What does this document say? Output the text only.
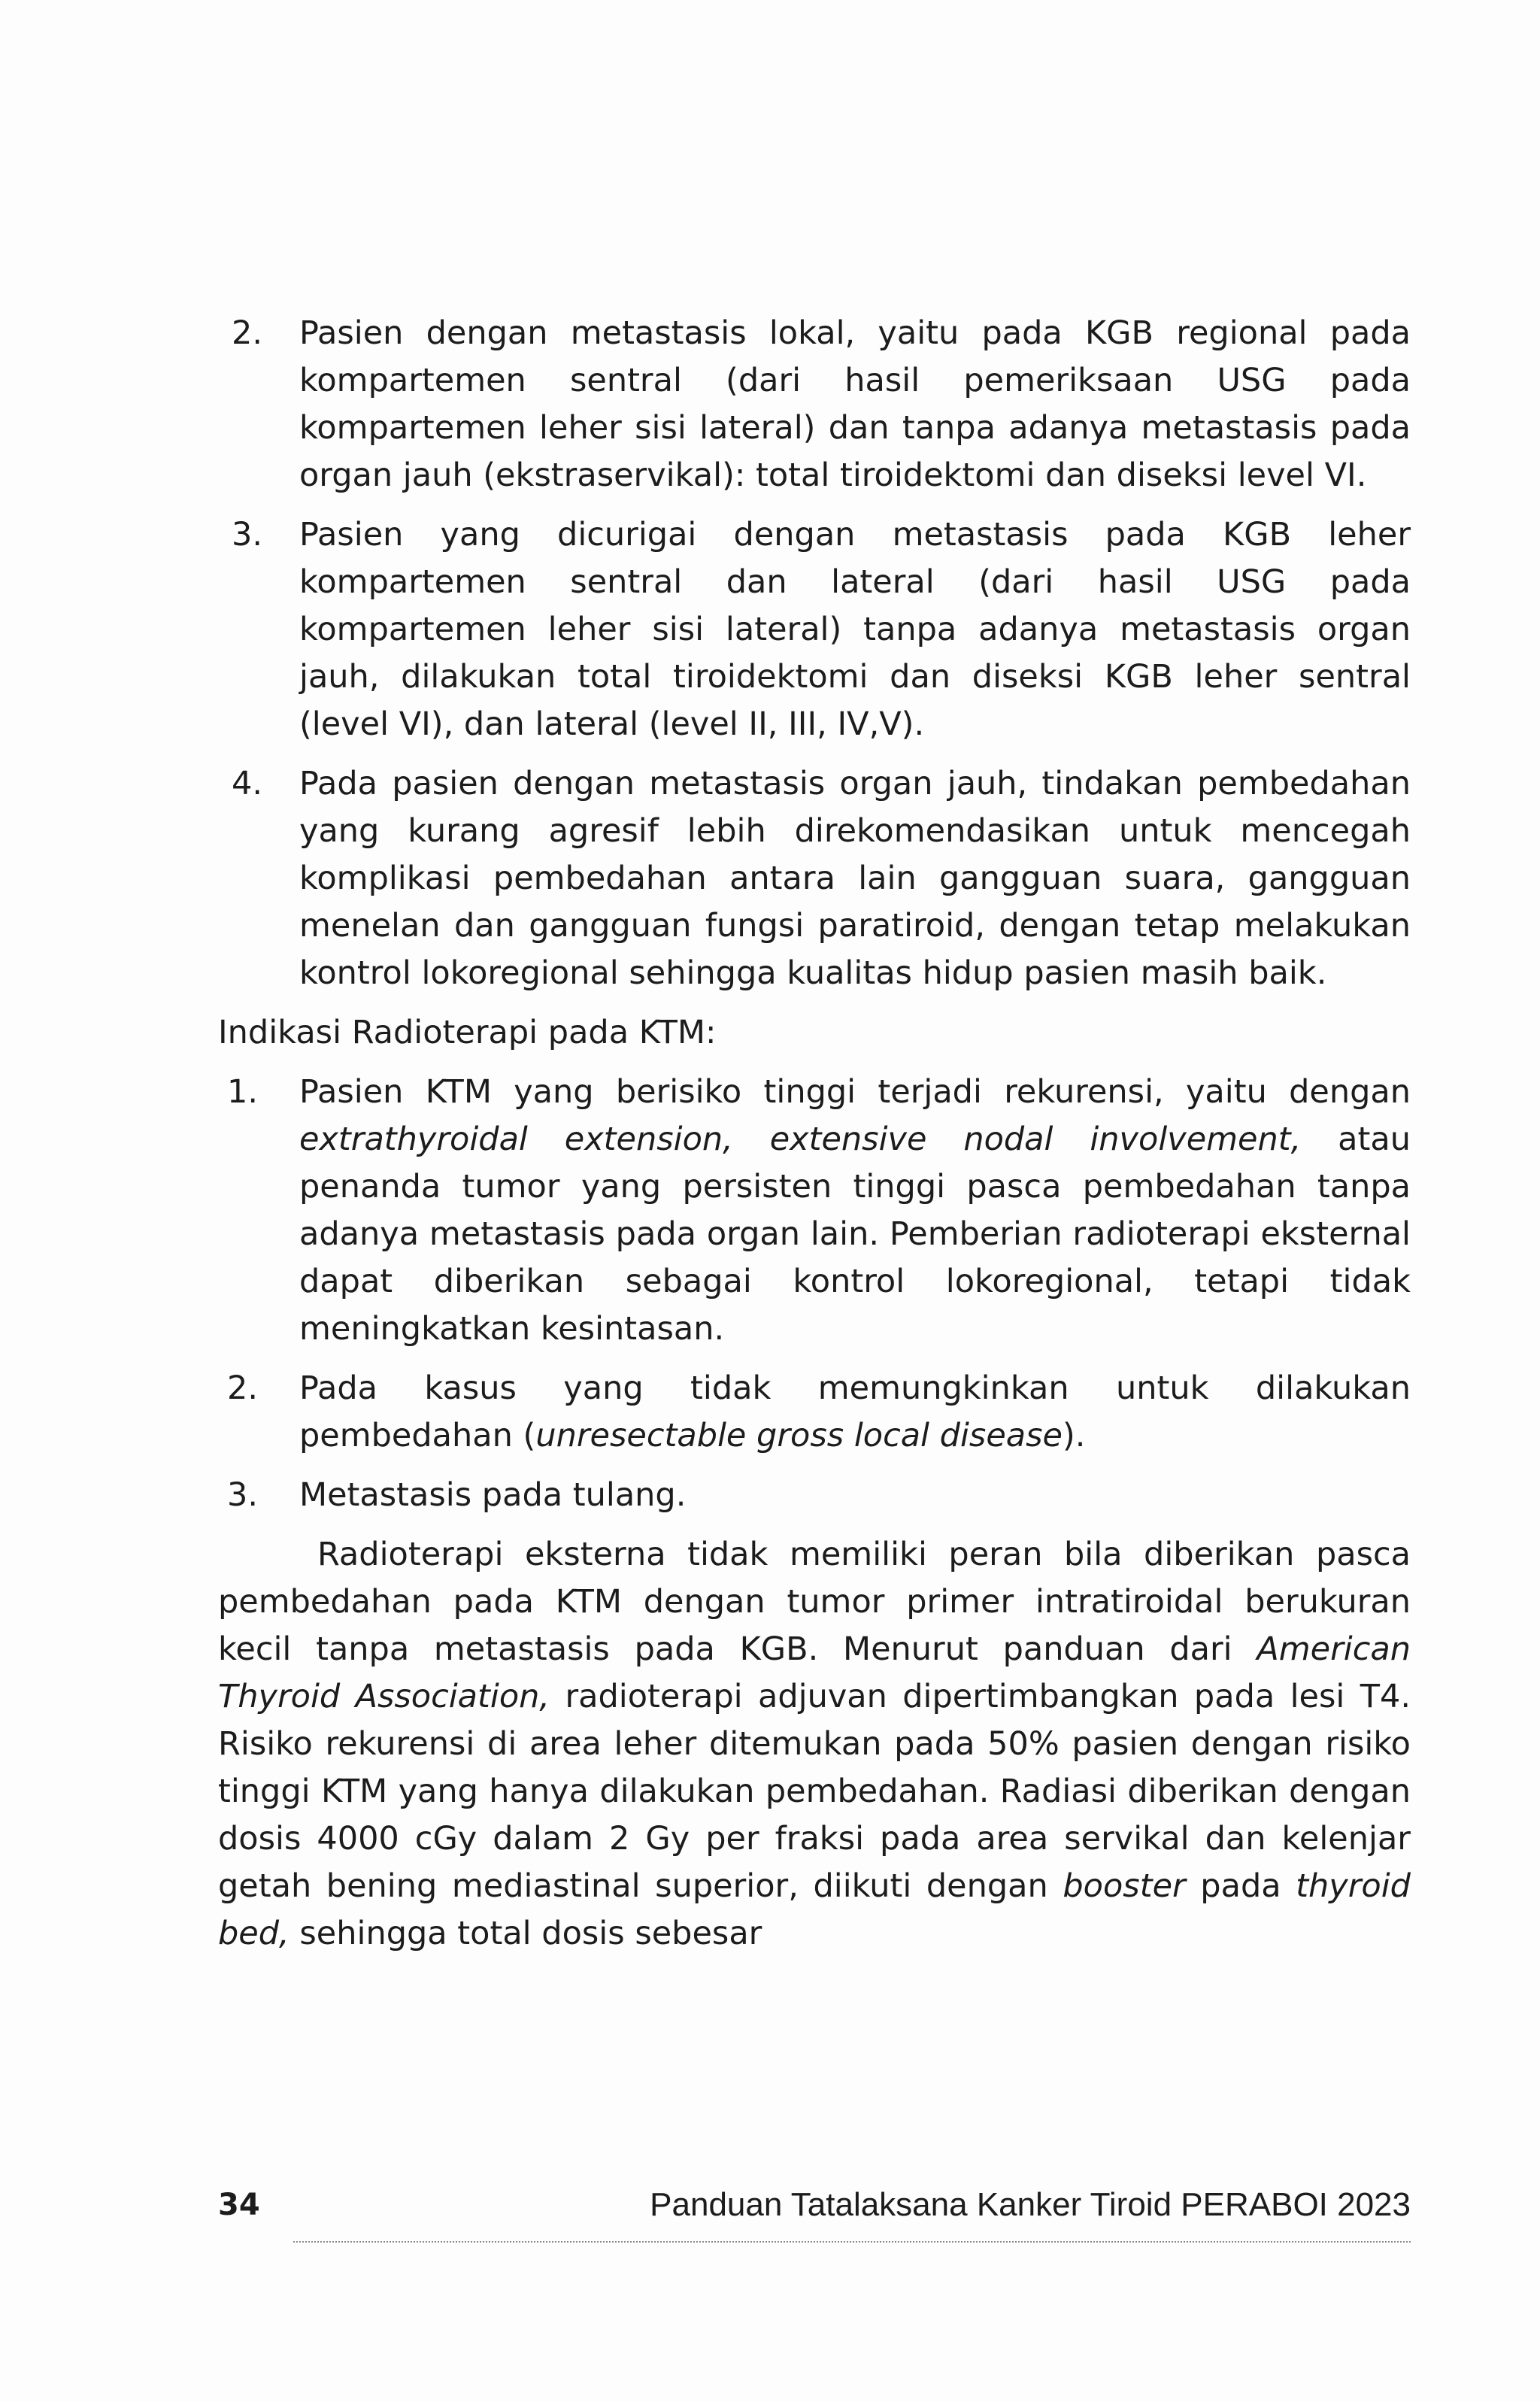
2.	Pasien dengan metastasis lokal, yaitu pada KGB regional pada kompartemen sentral (dari hasil pemeriksaan USG pada kompartemen leher sisi lateral) dan tanpa adanya metastasis pada organ jauh (ekstraservikal): total tiroidektomi dan diseksi level VI.
3.	Pasien yang dicurigai dengan metastasis pada KGB leher kompartemen sentral dan lateral (dari hasil USG pada kompartemen leher sisi lateral) tanpa adanya metastasis organ jauh, dilakukan total tiroidektomi dan diseksi KGB leher sentral (level VI), dan lateral (level II, III, IV,V).
4.	Pada pasien dengan metastasis organ jauh, tindakan pembedahan yang kurang agresif lebih direkomendasikan untuk mencegah komplikasi pembedahan antara lain gangguan suara, gangguan menelan dan gangguan fungsi paratiroid, dengan tetap melakukan kontrol lokoregional sehingga kualitas hidup pasien masih baik.

Indikasi Radioterapi pada KTM:

1.	Pasien KTM yang berisiko tinggi terjadi rekurensi, yaitu dengan extrathyroidal extension, extensive nodal involvement, atau penanda tumor yang persisten tinggi pasca pembedahan tanpa adanya metastasis pada organ lain. Pemberian radioterapi eksternal dapat diberikan sebagai kontrol lokoregional, tetapi tidak meningkatkan kesintasan.
2.	Pada kasus yang tidak memungkinkan untuk dilakukan pembedahan (unresectable gross local disease).
3.	Metastasis pada tulang.

Radioterapi eksterna tidak memiliki peran bila diberikan pasca pembedahan pada KTM dengan tumor primer intratiroidal berukuran kecil tanpa metastasis pada KGB. Menurut panduan dari American Thyroid Association, radioterapi adjuvan dipertimbangkan pada lesi T4. Risiko rekurensi di area leher ditemukan pada 50% pasien dengan risiko tinggi KTM yang hanya dilakukan pembedahan. Radiasi diberikan dengan dosis 4000 cGy dalam 2 Gy per fraksi pada area servikal dan kelenjar getah bening mediastinal superior, diikuti dengan booster pada thyroid bed, sehingga total dosis sebesar

34	Panduan Tatalaksana Kanker Tiroid PERABOI 2023
